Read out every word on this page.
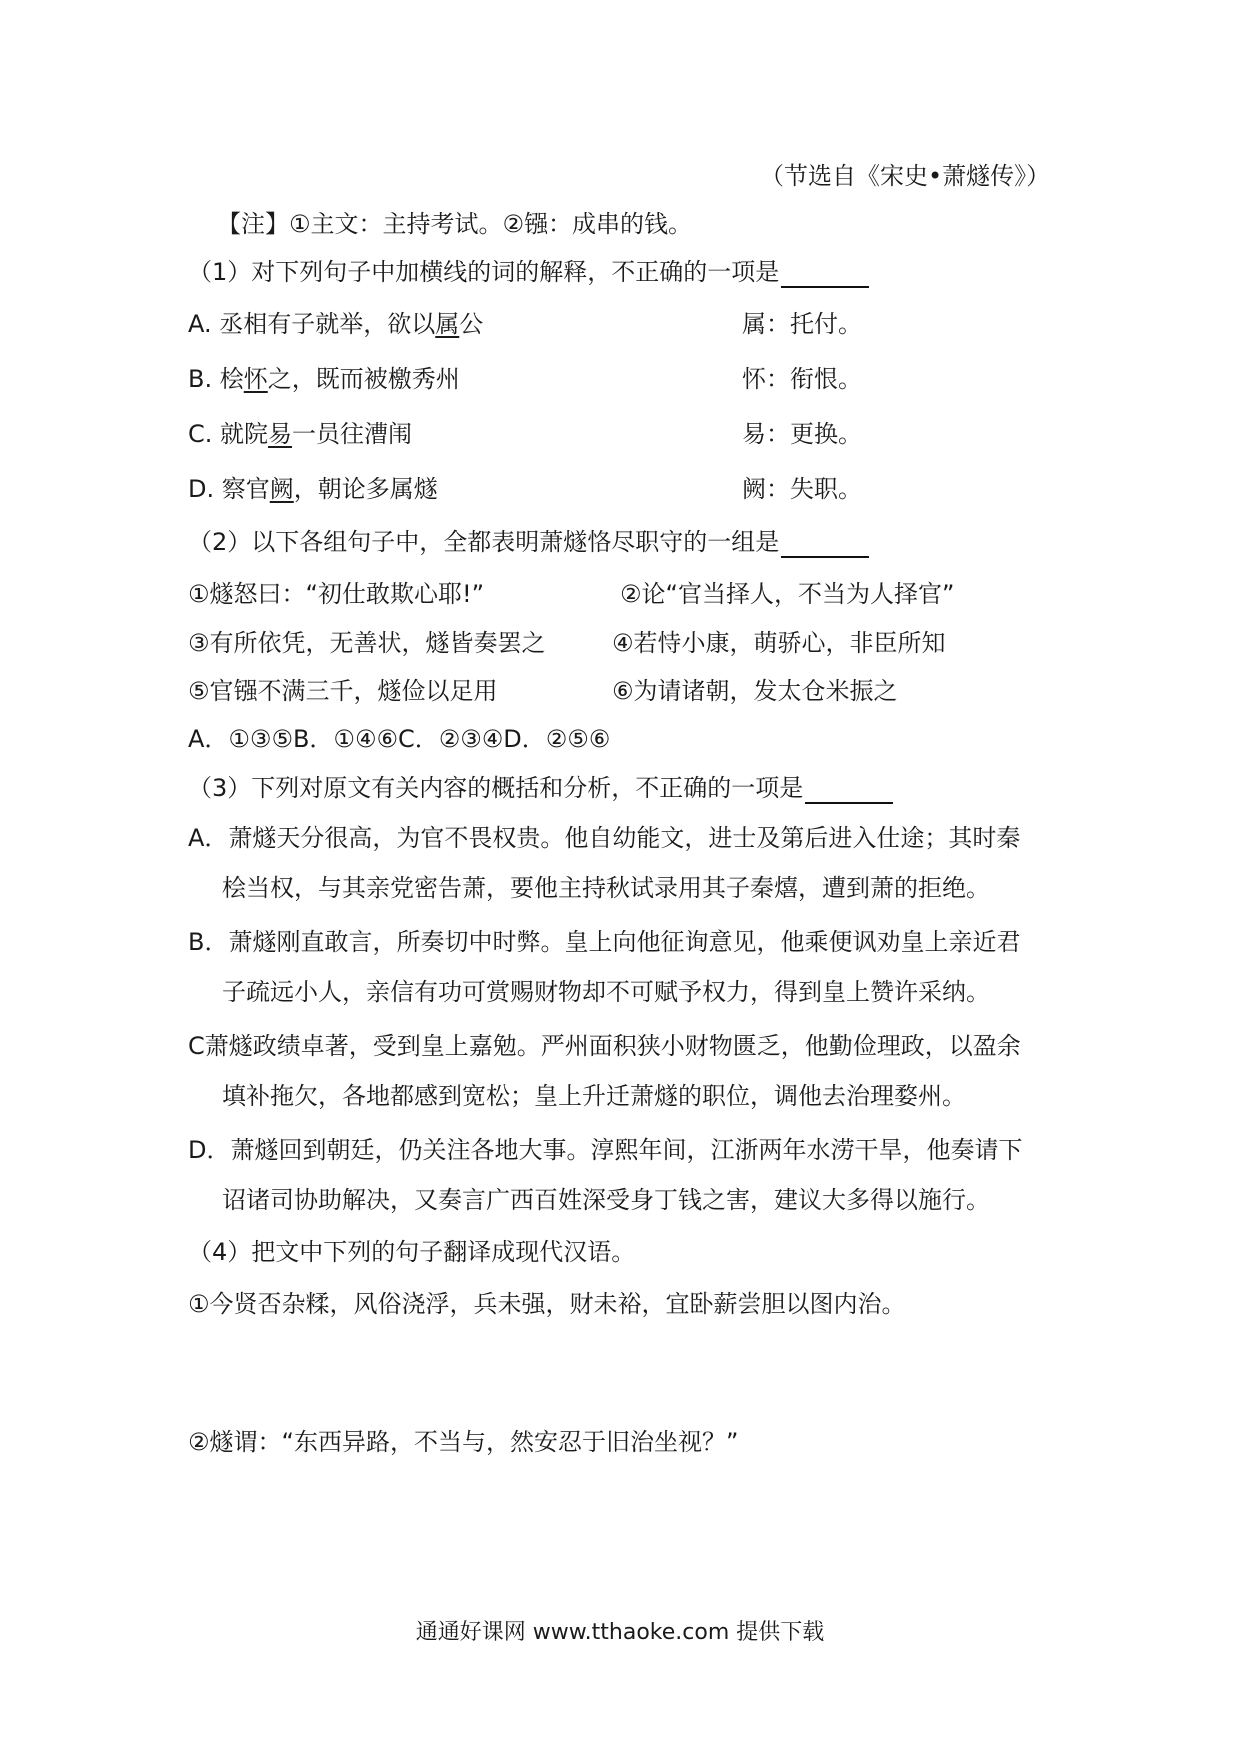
（节选自《宋史•萧燧传》）
【注】①主文：主持考试。②镪：成串的钱。
（1）对下列句子中加横线的词的解释，不正确的一项是
A. 丞相有子就举，欲以属公	属：托付。
B. 桧怀之，既而被檄秀州	怀：衔恨。
C. 就院易一员往漕闱	易：更换。
D. 察官阙，朝论多属燧	阙：失职。
（2）以下各组句子中，全都表明萧燧恪尽职守的一组是
①燧怒曰：“初仕敢欺心耶!”	②论“官当择人，不当为人择官”
③有所依凭，无善状，燧皆奏罢之	④若恃小康，萌骄心，非臣所知
⑤官镪不满三千，燧俭以足用	⑥为请诸朝，发太仓米振之
A．①③⑤B．①④⑥C．②③④D．②⑤⑥
（3）下列对原文有关内容的概括和分析，不正确的一项是
A．萧燧天分很高，为官不畏权贵。他自幼能文，进士及第后进入仕途；其时秦
桧当权，与其亲党密告萧，要他主持秋试录用其子秦熺，遭到萧的拒绝。
B．萧燧刚直敢言，所奏切中时弊。皇上向他征询意见，他乘便讽劝皇上亲近君
子疏远小人，亲信有功可赏赐财物却不可赋予权力，得到皇上赞许采纳。
C萧燧政绩卓著，受到皇上嘉勉。严州面积狭小财物匮乏，他勤俭理政，以盈余
填补拖欠，各地都感到宽松；皇上升迁萧燧的职位，调他去治理婺州。
D．萧燧回到朝廷，仍关注各地大事。淳熙年间，江浙两年水涝干旱，他奏请下
诏诸司协助解决，又奏言广西百姓深受身丁钱之害，建议大多得以施行。
（4）把文中下列的句子翻译成现代汉语。
①今贤否杂糅，风俗浇浮，兵未强，财未裕，宜卧薪尝胆以图内治。
②燧谓：“东西异路，不当与，然安忍于旧治坐视？”
通通好课网 www.tthaoke.com 提供下载
